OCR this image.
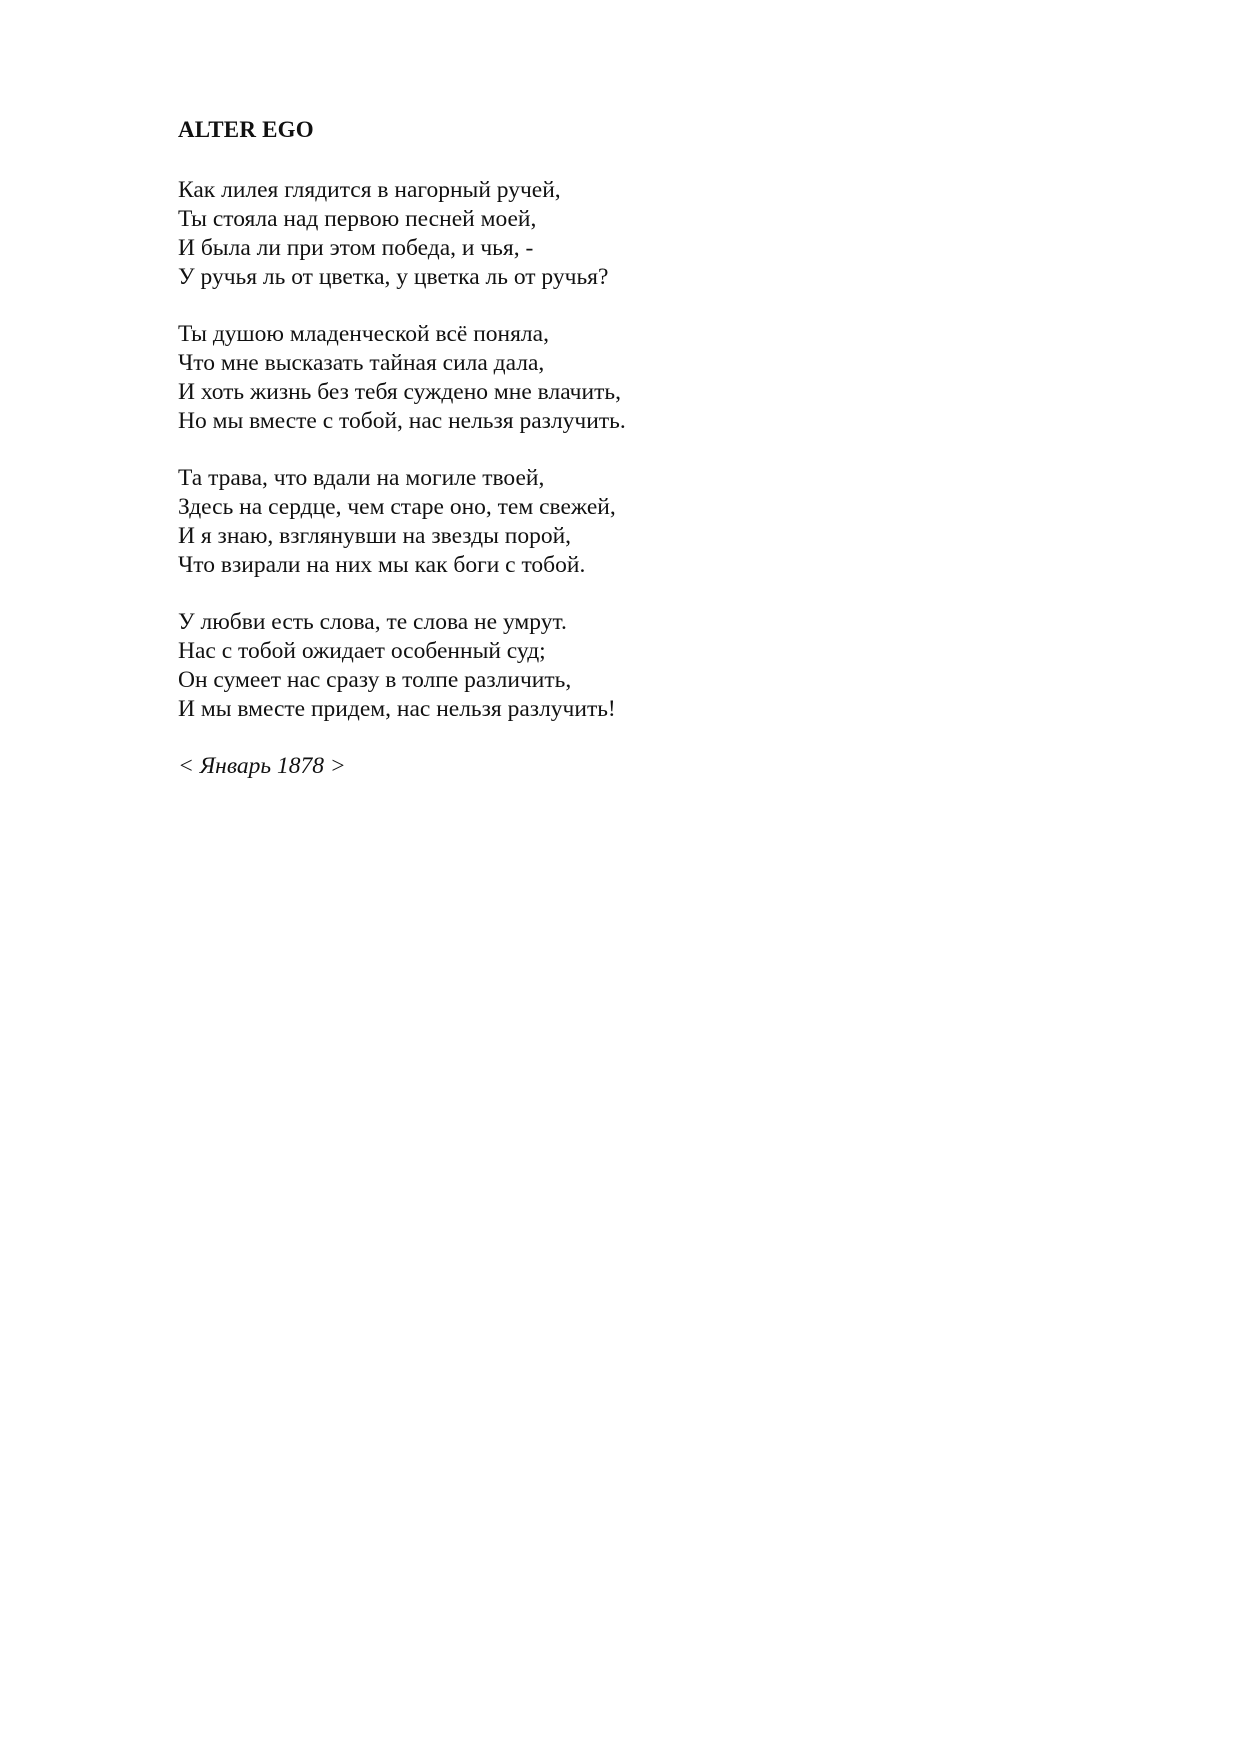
ALTER EGO

Как лилея глядится в нагорный ручей,
Ты стояла над первою песней моей,
И была ли при этом победа, и чья, -
У ручья ль от цветка, у цветка ль от ручья?

Ты душою младенческой всё поняла,
Что мне высказать тайная сила дала,
И хоть жизнь без тебя суждено мне влачить,
Но мы вместе с тобой, нас нельзя разлучить.

Та трава, что вдали на могиле твоей,
Здесь на сердце, чем старе оно, тем свежей,
И я знаю, взглянувши на звезды порой,
Что взирали на них мы как боги с тобой.

У любви есть слова, те слова не умрут.
Нас с тобой ожидает особенный суд;
Он сумеет нас сразу в толпе различить,
И мы вместе придем, нас нельзя разлучить!

< Январь 1878 >
